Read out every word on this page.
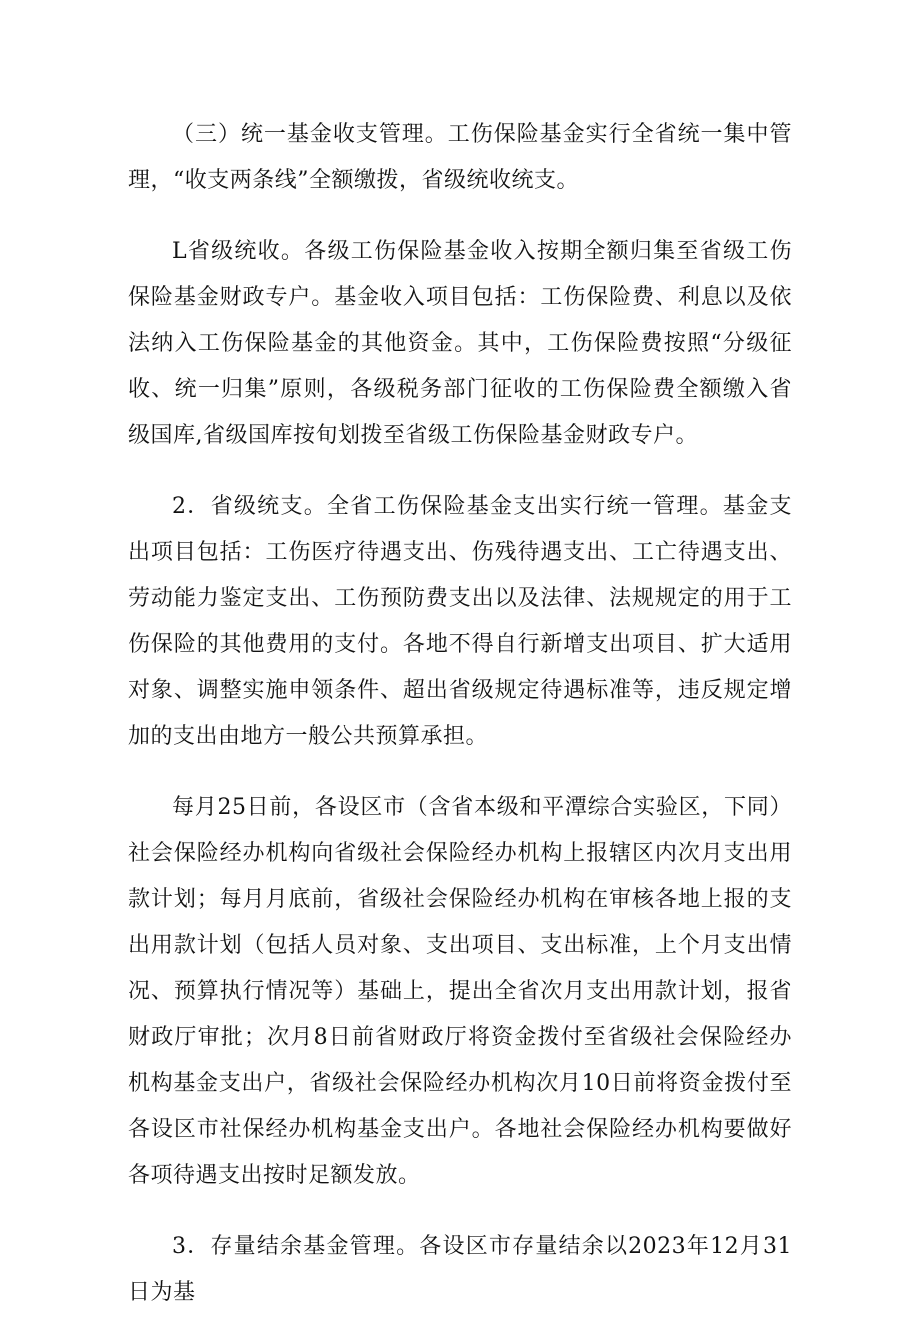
（三）统一基金收支管理。工伤保险基金实行全省统一集中管理，“收支两条线”全额缴拨，省级统收统支。

L省级统收。各级工伤保险基金收入按期全额归集至省级工伤保险基金财政专户。基金收入项目包括：工伤保险费、利息以及依法纳入工伤保险基金的其他资金。其中，工伤保险费按照“分级征收、统一归集”原则，各级税务部门征收的工伤保险费全额缴入省级国库,省级国库按旬划拨至省级工伤保险基金财政专户。

2．省级统支。全省工伤保险基金支出实行统一管理。基金支出项目包括：工伤医疗待遇支出、伤残待遇支出、工亡待遇支出、劳动能力鉴定支出、工伤预防费支出以及法律、法规规定的用于工伤保险的其他费用的支付。各地不得自行新增支出项目、扩大适用对象、调整实施申领条件、超出省级规定待遇标准等，违反规定增加的支出由地方一般公共预算承担。

每月25日前，各设区市（含省本级和平潭综合实验区，下同）社会保险经办机构向省级社会保险经办机构上报辖区内次月支出用款计划；每月月底前，省级社会保险经办机构在审核各地上报的支出用款计划（包括人员对象、支出项目、支出标准，上个月支出情况、预算执行情况等）基础上，提出全省次月支出用款计划，报省财政厅审批；次月8日前省财政厅将资金拨付至省级社会保险经办机构基金支出户，省级社会保险经办机构次月10日前将资金拨付至各设区市社保经办机构基金支出户。各地社会保险经办机构要做好各项待遇支出按时足额发放。

3．存量结余基金管理。各设区市存量结余以2023年12月31日为基
